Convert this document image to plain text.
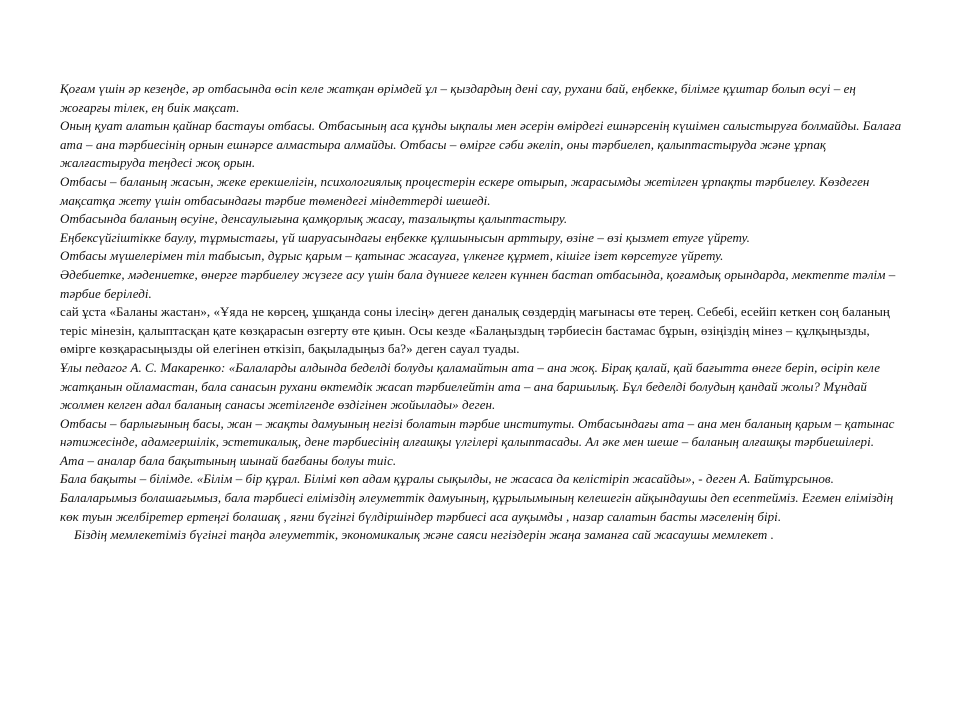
Қоғам үшін әр кезеңде, әр отбасында өсіп келе жатқан өрімдей ұл – қыздардың дені сау, рухани бай, еңбекке, білімге құштар болып өсуі – ең жоғарғы тілек, ең биік мақсат.

Оның қуат алатын қайнар бастауы отбасы. Отбасының аса құнды ықпалы мен әсерін өмірдегі ешнәрсенің күшімен салыстыруға болмайды. Балаға ата – ана тәрбиесінің орнын ешнәрсе алмастыра алмайды. Отбасы – өмірге сәби әкеліп, оны тәрбиелеп, қалыптастыруда және ұрпақ жалғастыруда теңдесі жоқ орын.

Отбасы – баланың жасын, жеке ерекшелігін, психологиялық процестерін ескере отырып, жарасымды жетілген ұрпақты тәрбиелеу. Көздеген мақсатқа жету үшін отбасындағы тәрбие төмендегі міндеттерді шешеді.

Отбасында баланың өсуіне, денсаулығына қамқорлық жасау, тазалықты қалыптастыру.

Еңбексүйгіштікке баулу, тұрмыстағы, үй шаруасындағы еңбекке құлшынысын арттыру, өзіне – өзі қызмет етуге үйрету.

Отбасы мүшелерімен тіл табысып, дұрыс қарым – қатынас жасауға, үлкенге құрмет, кішіге ізет көрсетуге үйрету.

Әдебиетке, мәдениетке, өнерге тәрбиелеу жүзеге асу үшін бала дүниеге келген күннен бастап отбасында, қоғамдық орындарда, мектепте тәлім – тәрбие беріледі.

сай ұста «Баланы жастан», «Ұяда не көрсең, ұшқанда соны ілесің» деген даналық сөздердің мағынасы өте терең. Себебі, есейіп кеткен соң баланың теріс мінезін, қалыптасқан қате көзқарасын өзгерту өте қиын. Осы кезде «Балаңыздың тәрбиесін бастамас бұрын, өзіңіздің мінез – құлқыңызды, өмірге көзқарасыңызды ой елегінен өткізіп, бақыладыңыз ба?» деген сауал туады.

Ұлы педагог А. С. Макаренко: «Балаларды алдында беделді болуды қаламайтын ата – ана жоқ. Бірақ қалай, қай бағытта өнеге беріп, өсіріп келе жатқанын ойламастан, бала санасын рухани өктемдік жасап тәрбиелейтін ата – ана баршылық. Бұл беделді болудың қандай жолы? Мұндай жолмен келген адал баланың санасы жетілгенде өздігінен жойылады» деген.

Отбасы – барлығының басы, жан – жақты дамуының негізі болатын тәрбие институты. Отбасындағы ата – ана мен баланың қарым – қатынас нәтижесінде, адамгершілік, эстетикалық, дене тәрбиесінің алғашқы үлгілері қалыптасады. Ал әке мен шеше – баланың алғашқы тәрбиешілері.

Ата – аналар бала бақытының шынай бағбаны болуы тиіс.

Бала бақыты – білімде. «Білім – бір құрал. Білімі көп адам құралы сықылды, не жасаса да келістіріп жасайды», - деген А. Байтұрсынов.

Балаларымыз болашағымыз, бала тәрбиесі еліміздің әлеуметтік дамуының, құрылымының келешегін айқындаушы деп есептейміз. Егемен еліміздің көк туын желбіретер ертеңгі болашақ , яғни бүгінгі бүлдіршіндер тәрбиесі аса ауқымды , назар салатын басты мәселенің бірі.

Біздің мемлекетіміз бүгінгі таңда әлеуметтік, экономикалық және саяси негіздерін жаңа заманға сай жасаушы мемлекет .
